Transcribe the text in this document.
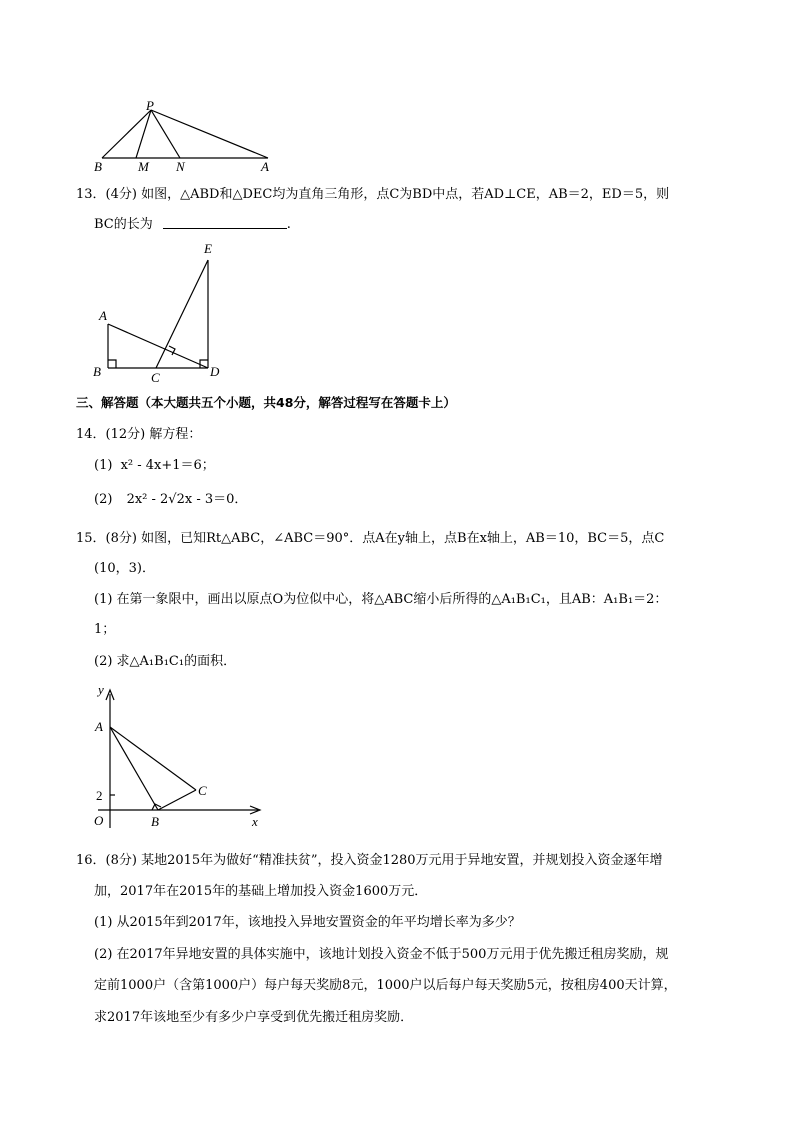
P
B	M N	A
13．(4分) 如图，△ABD和△DEC均为直角三角形，点C为BD中点，若AD⊥CE，AB＝2，ED＝5，则
BC的长为	.
E
A
B	C	D
三、解答题（本大题共五个小题，共48分，解答过程写在答题卡上）
14．(12分) 解方程：
(1) x² - 4x+1＝6；
(2) 2x² - 2√2x - 3＝0．
15．(8分) 如图，已知Rt△ABC，∠ABC＝90°．点A在y轴上，点B在x轴上，AB＝10，BC＝5，点C
(10，3)．
(1) 在第一象限中，画出以原点O为位似中心，将△ABC缩小后所得的△A₁B₁C₁，且AB：A₁B₁＝2：
1；
(2) 求△A₁B₁C₁的面积．
y
A
2	C
O	B	x
16．(8分) 某地2015年为做好“精准扶贫”，投入资金1280万元用于异地安置，并规划投入资金逐年增
加，2017年在2015年的基础上增加投入资金1600万元．
(1) 从2015年到2017年，该地投入异地安置资金的年平均增长率为多少？
(2) 在2017年异地安置的具体实施中，该地计划投入资金不低于500万元用于优先搬迁租房奖励，规
定前1000户（含第1000户）每户每天奖励8元，1000户以后每户每天奖励5元，按租房400天计算，
求2017年该地至少有多少户享受到优先搬迁租房奖励．
